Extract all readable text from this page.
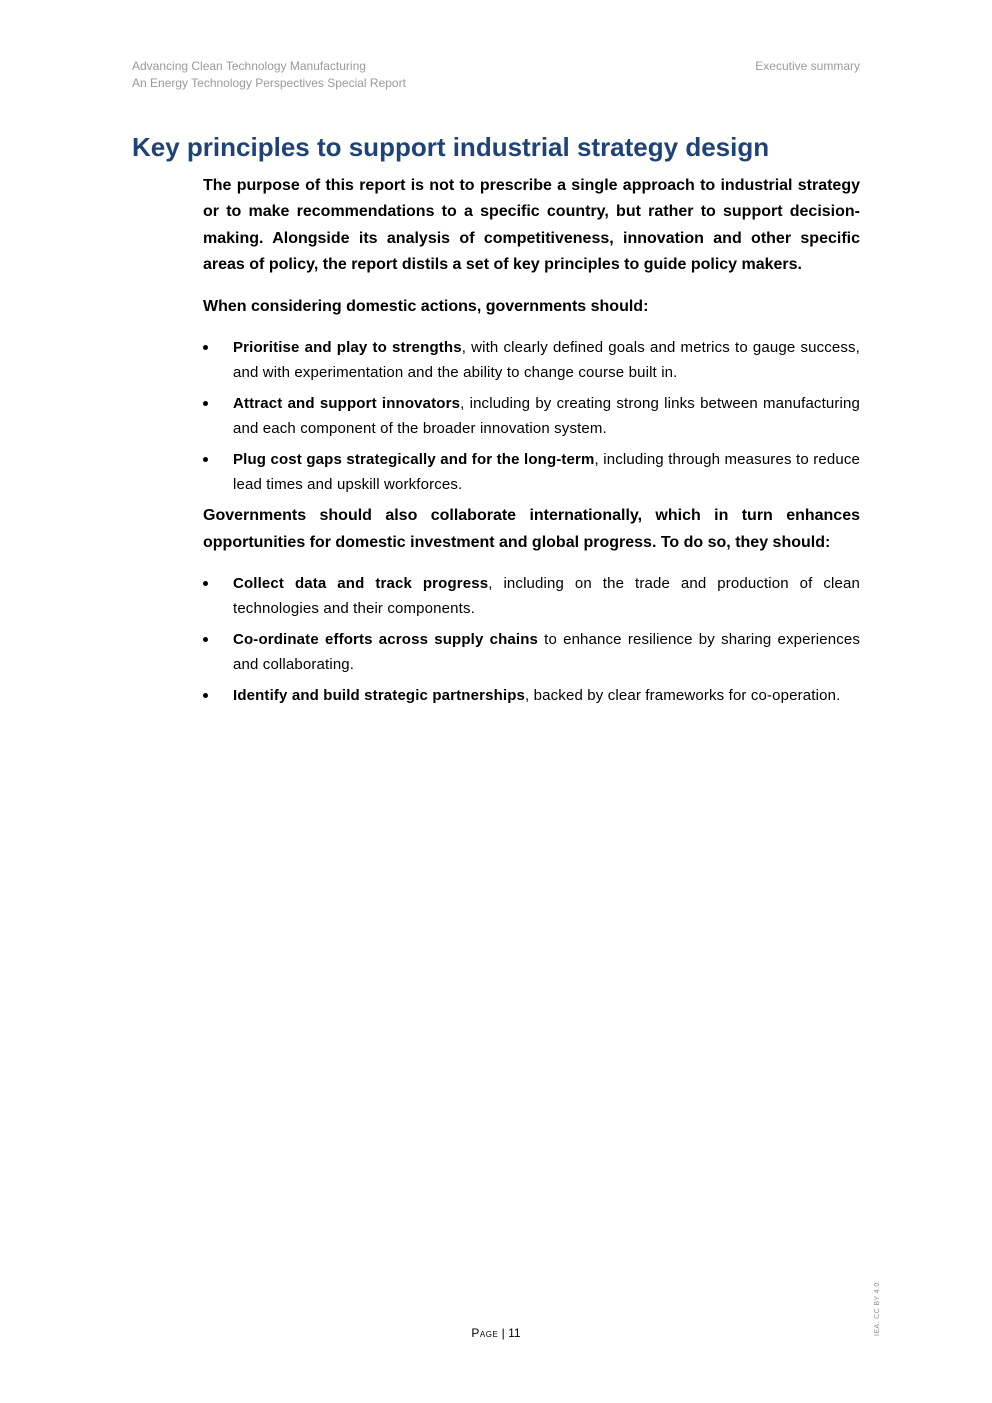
Advancing Clean Technology Manufacturing
An Energy Technology Perspectives Special Report
Executive summary
Key principles to support industrial strategy design

The purpose of this report is not to prescribe a single approach to industrial strategy or to make recommendations to a specific country, but rather to support decision-making. Alongside its analysis of competitiveness, innovation and other specific areas of policy, the report distils a set of key principles to guide policy makers.

When considering domestic actions, governments should:

Prioritise and play to strengths, with clearly defined goals and metrics to gauge success, and with experimentation and the ability to change course built in.
Attract and support innovators, including by creating strong links between manufacturing and each component of the broader innovation system.
Plug cost gaps strategically and for the long-term, including through measures to reduce lead times and upskill workforces.

Governments should also collaborate internationally, which in turn enhances opportunities for domestic investment and global progress. To do so, they should:

Collect data and track progress, including on the trade and production of clean technologies and their components.
Co-ordinate efforts across supply chains to enhance resilience by sharing experiences and collaborating.
Identify and build strategic partnerships, backed by clear frameworks for co-operation.
Page | 11	IEA. CC BY 4.0.
